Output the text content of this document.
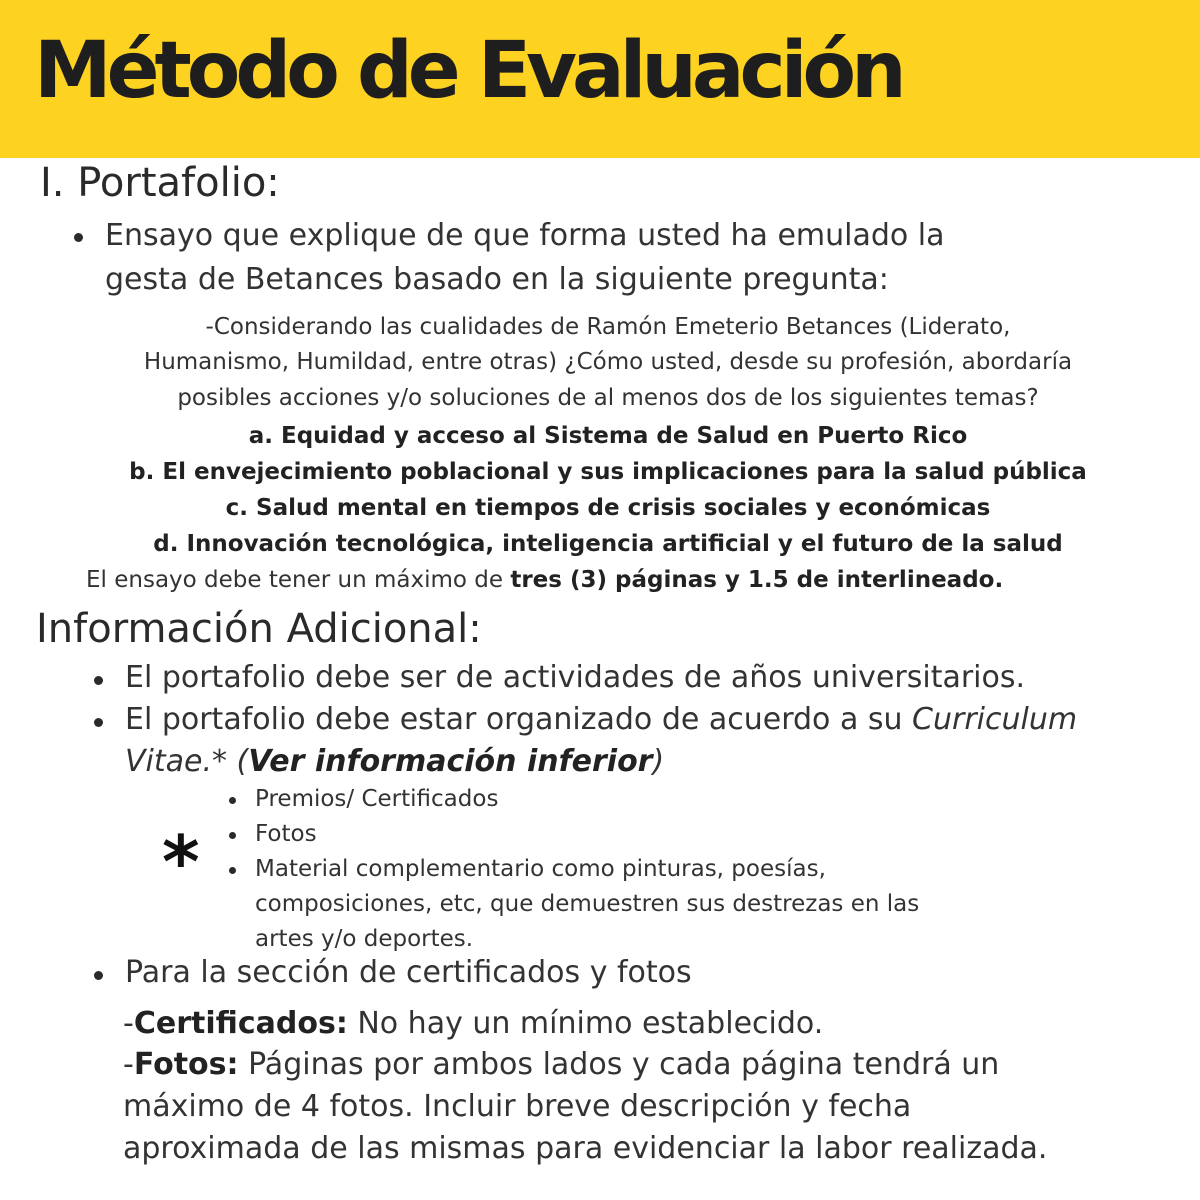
Método de Evaluación
I. Portafolio:
Ensayo que explique de que forma usted ha emulado la
gesta de Betances basado en la siguiente pregunta:
-Considerando las cualidades de Ramón Emeterio Betances (Liderato,
Humanismo, Humildad, entre otras) ¿Cómo usted, desde su profesión, abordaría
posibles acciones y/o soluciones de al menos dos de los siguientes temas?
a. Equidad y acceso al Sistema de Salud en Puerto Rico
b. El envejecimiento poblacional y sus implicaciones para la salud pública
c. Salud mental en tiempos de crisis sociales y económicas
d. Innovación tecnológica, inteligencia artificial y el futuro de la salud
El ensayo debe tener un máximo de tres (3) páginas y 1.5 de interlineado.
Información Adicional:
El portafolio debe ser de actividades de años universitarios.
El portafolio debe estar organizado de acuerdo a su Curriculum
Vitae.* (Ver información inferior)
*
Premios/ Certificados
Fotos
Material complementario como pinturas, poesías,
composiciones, etc, que demuestren sus destrezas en las
artes y/o deportes.
Para la sección de certificados y fotos
-Certificados: No hay un mínimo establecido.
-Fotos: Páginas por ambos lados y cada página tendrá un
máximo de 4 fotos. Incluir breve descripción y fecha
aproximada de las mismas para evidenciar la labor realizada.
